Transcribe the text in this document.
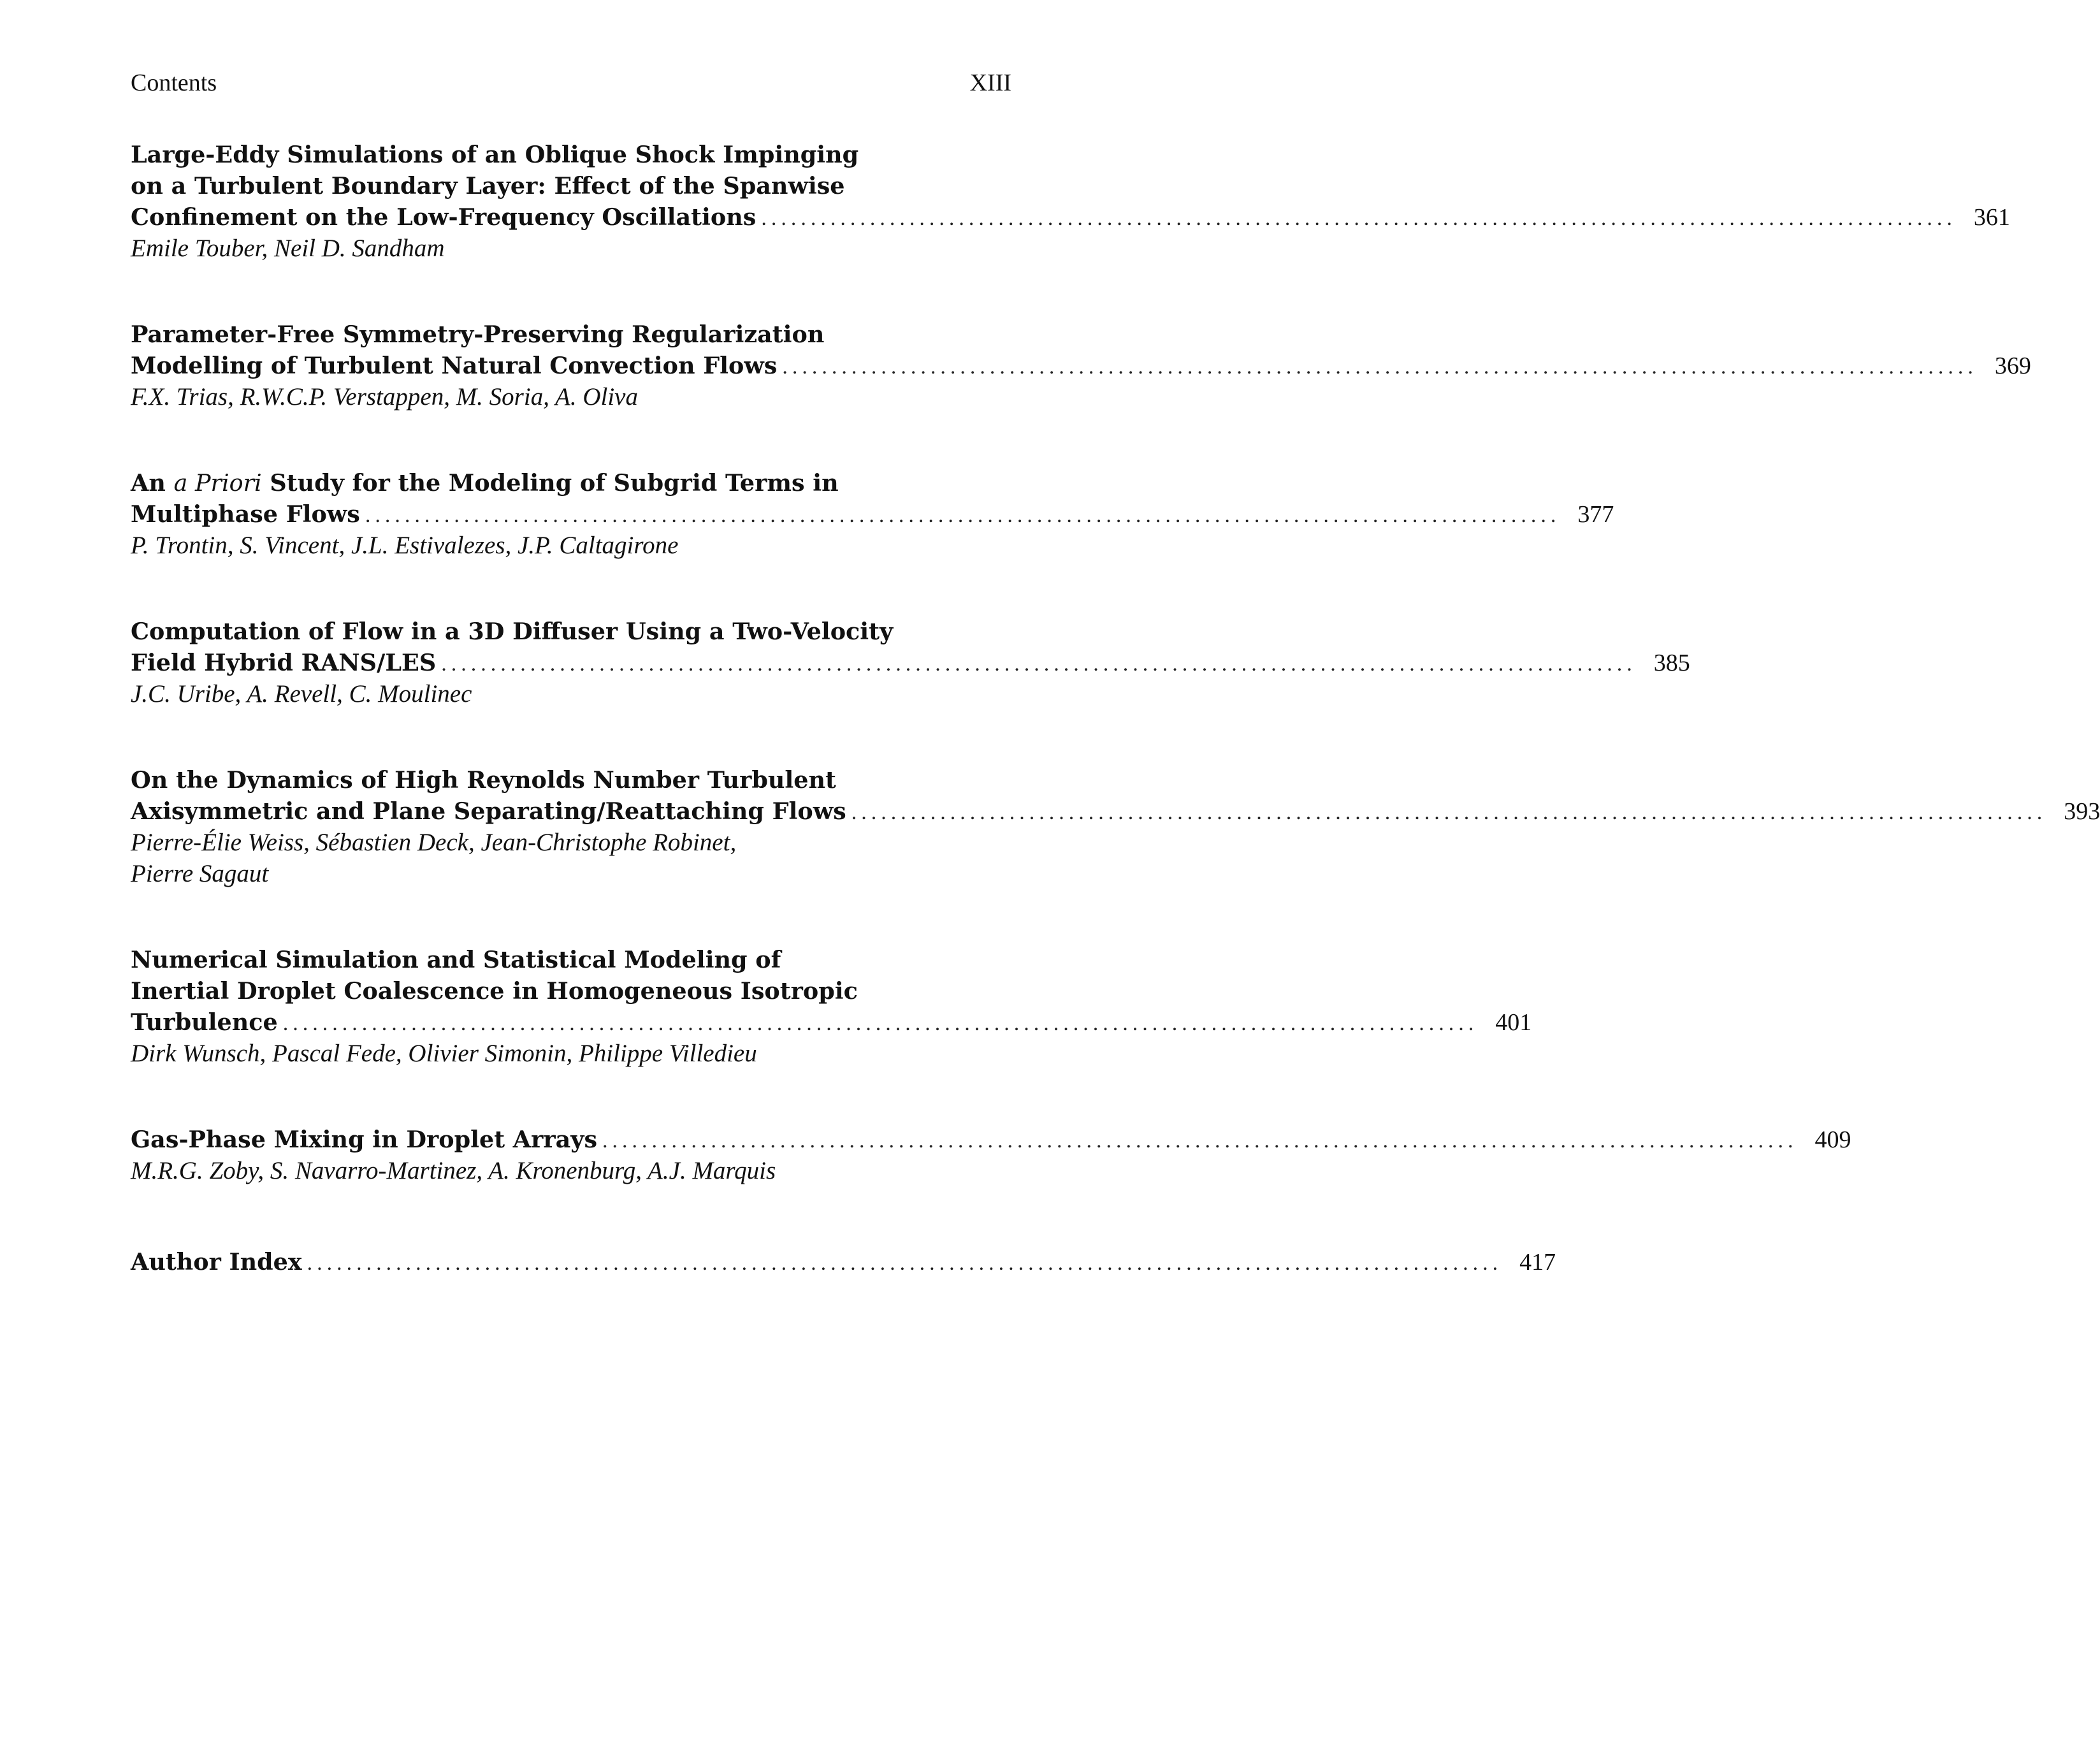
Contents	XIII
Large-Eddy Simulations of an Oblique Shock Impinging
on a Turbulent Boundary Layer: Effect of the Spanwise
Confinement on the Low-Frequency Oscillations ......................................................................................................................... 361
Emile Touber, Neil D. Sandham
Parameter-Free Symmetry-Preserving Regularization
Modelling of Turbulent Natural Convection Flows ......................................................................................................................... 369
F.X. Trias, R.W.C.P. Verstappen, M. Soria, A. Oliva
An a Priori Study for the Modeling of Subgrid Terms in
Multiphase Flows ......................................................................................................................... 377
P. Trontin, S. Vincent, J.L. Estivalezes, J.P. Caltagirone
Computation of Flow in a 3D Diffuser Using a Two-Velocity
Field Hybrid RANS/LES ......................................................................................................................... 385
J.C. Uribe, A. Revell, C. Moulinec
On the Dynamics of High Reynolds Number Turbulent
Axisymmetric and Plane Separating/Reattaching Flows ......................................................................................................................... 393
Pierre-Élie Weiss, Sébastien Deck, Jean-Christophe Robinet,
Pierre Sagaut
Numerical Simulation and Statistical Modeling of
Inertial Droplet Coalescence in Homogeneous Isotropic
Turbulence ......................................................................................................................... 401
Dirk Wunsch, Pascal Fede, Olivier Simonin, Philippe Villedieu
Gas-Phase Mixing in Droplet Arrays ......................................................................................................................... 409
M.R.G. Zoby, S. Navarro-Martinez, A. Kronenburg, A.J. Marquis
Author Index ......................................................................................................................... 417
